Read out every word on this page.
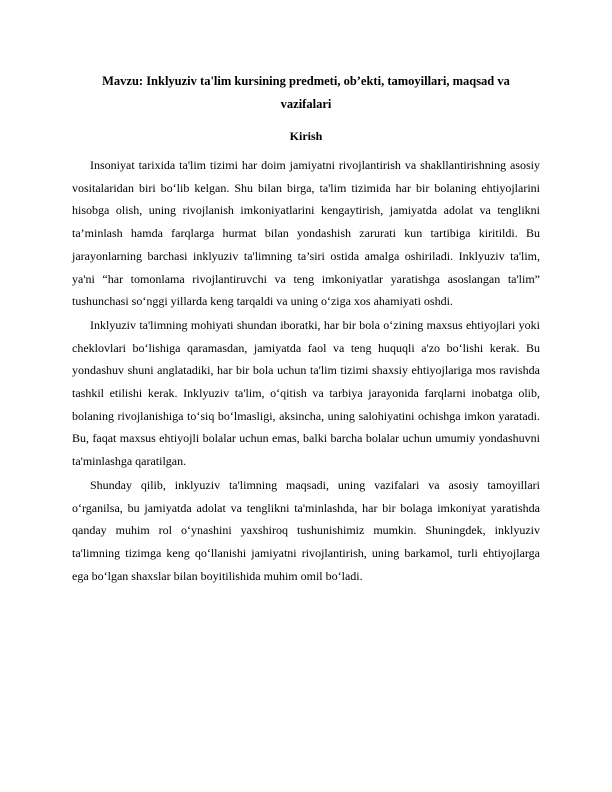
Mavzu: Inklyuziv ta'lim kursining predmeti, ob’ekti, tamoyillari, maqsad va vazifalari

Kirish

Insoniyat tarixida ta'lim tizimi har doim jamiyatni rivojlantirish va shakllantirishning asosiy vositalaridan biri bo‘lib kelgan. Shu bilan birga, ta'lim tizimida har bir bolaning ehtiyojlarini hisobga olish, uning rivojlanish imkoniyatlarini kengaytirish, jamiyatda adolat va tenglikni ta’minlash hamda farqlarga hurmat bilan yondashish zarurati kun tartibiga kiritildi. Bu jarayonlarning barchasi inklyuziv ta'limning ta’siri ostida amalga oshiriladi. Inklyuziv ta'lim, ya'ni “har tomonlama rivojlantiruvchi va teng imkoniyatlar yaratishga asoslangan ta'lim” tushunchasi so‘nggi yillarda keng tarqaldi va uning o‘ziga xos ahamiyati oshdi.

Inklyuziv ta'limning mohiyati shundan iboratki, har bir bola o‘zining maxsus ehtiyojlari yoki cheklovlari bo‘lishiga qaramasdan, jamiyatda faol va teng huquqli a'zo bo‘lishi kerak. Bu yondashuv shuni anglatadiki, har bir bola uchun ta'lim tizimi shaxsiy ehtiyojlariga mos ravishda tashkil etilishi kerak. Inklyuziv ta'lim, o‘qitish va tarbiya jarayonida farqlarni inobatga olib, bolaning rivojlanishiga to‘siq bo‘lmasligi, aksincha, uning salohiyatini ochishga imkon yaratadi. Bu, faqat maxsus ehtiyojli bolalar uchun emas, balki barcha bolalar uchun umumiy yondashuvni ta'minlashga qaratilgan.

Shunday qilib, inklyuziv ta'limning maqsadi, uning vazifalari va asosiy tamoyillari o‘rganilsa, bu jamiyatda adolat va tenglikni ta'minlashda, har bir bolaga imkoniyat yaratishda qanday muhim rol o‘ynashini yaxshiroq tushunishimiz mumkin. Shuningdek, inklyuziv ta'limning tizimga keng qo‘llanishi jamiyatni rivojlantirish, uning barkamol, turli ehtiyojlarga ega bo‘lgan shaxslar bilan boyitilishida muhim omil bo‘ladi.
